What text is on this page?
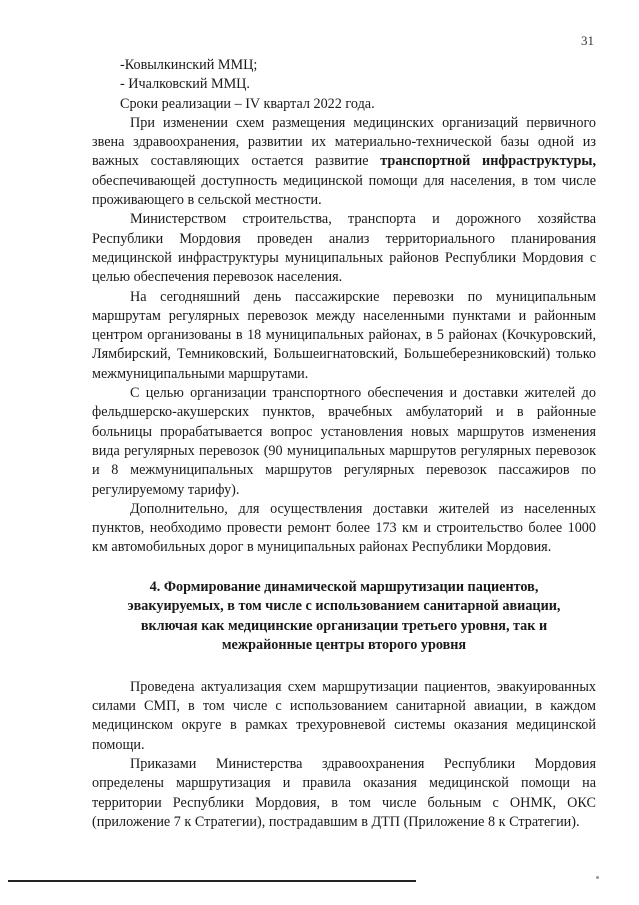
31

-Ковылкинский ММЦ;

- Ичалковский ММЦ.

Сроки реализации – IV квартал 2022 года.

При изменении схем размещения медицинских организаций первичного звена здравоохранения, развитии их материально-технической базы одной из важных составляющих остается развитие транспортной инфраструктуры, обеспечивающей доступность медицинской помощи для населения, в том числе проживающего в сельской местности.

Министерством строительства, транспорта и дорожного хозяйства Республики Мордовия проведен анализ территориального планирования медицинской инфраструктуры муниципальных районов Республики Мордовия с целью обеспечения перевозок населения.

На сегодняшний день пассажирские перевозки по муниципальным маршрутам регулярных перевозок между населенными пунктами и районным центром организованы в 18 муниципальных районах, в 5 районах (Кочкуровский, Лямбирский, Темниковский, Большеигнатовский, Большеберезниковский) только межмуниципальными маршрутами.

С целью организации транспортного обеспечения и доставки жителей до фельдшерско-акушерских пунктов, врачебных амбулаторий и в районные больницы прорабатывается вопрос установления новых маршрутов изменения вида регулярных перевозок (90 муниципальных маршрутов регулярных перевозок и 8 межмуниципальных маршрутов регулярных перевозок пассажиров по регулируемому тарифу).

Дополнительно, для осуществления доставки жителей из населенных пунктов, необходимо провести ремонт более 173 км и строительство более 1000 км автомобильных дорог в муниципальных районах Республики Мордовия.

4. Формирование динамической маршрутизации пациентов,
эвакуируемых, в том числе с использованием санитарной авиации,
включая как медицинские организации третьего уровня, так и
межрайонные центры второго уровня

Проведена актуализация схем маршрутизации пациентов, эвакуированных силами СМП, в том числе с использованием санитарной авиации, в каждом медицинском округе в рамках трехуровневой системы оказания медицинской помощи.

Приказами Министерства здравоохранения Республики Мордовия определены маршрутизация и правила оказания медицинской помощи на территории Республики Мордовия, в том числе больным с ОНМК, ОКС (приложение 7 к Стратегии), пострадавшим в ДТП (Приложение 8 к Стратегии).
